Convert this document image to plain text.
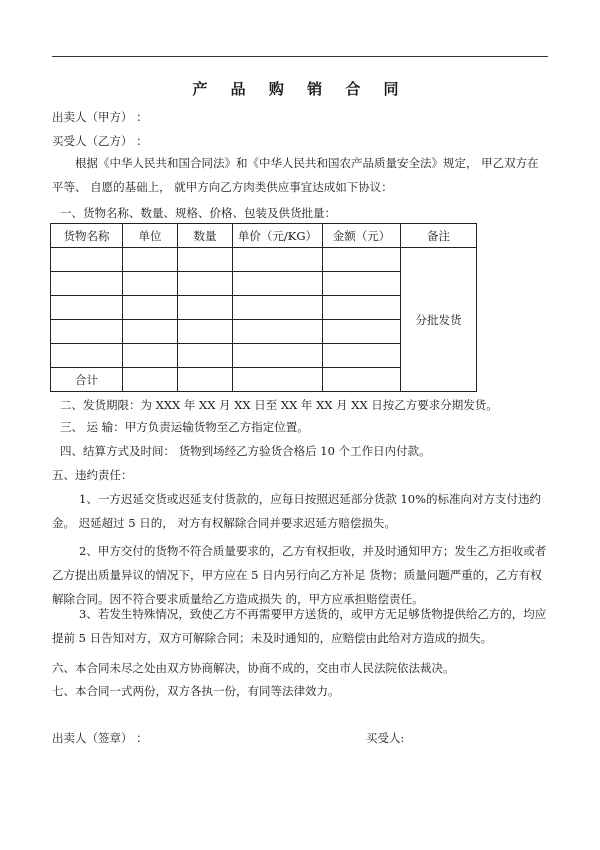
产 品 购 销 合 同
出卖人（甲方） ：
买受人（乙方） ：
根据《中华人民共和国合同法》和《中华人民共和国农产品质量安全法》规定， 甲乙双方在平等、 自愿的基础上， 就甲方向乙方肉类供应事宜达成如下协议：
一、货物名称、数量、规格、价格、包装及供货批量：
货物名称	单位	数量	单价（元/KG）	金额（元）	备注
					分批发货

合计					
二、发货期限：为 XXX 年 XX 月 XX 日至 XX 年 XX 月 XX 日按乙方要求分期发货。
三、 运 输：甲方负责运输货物至乙方指定位置。
四、结算方式及时间： 货物到场经乙方验货合格后 10 个工作日内付款。
五、违约责任：
1、一方迟延交货或迟延支付货款的，应每日按照迟延部分货款 10%的标准向对方支付违约金。 迟延超过 5 日的， 对方有权解除合同并要求迟延方赔偿损失。
2、甲方交付的货物不符合质量要求的，乙方有权拒收，并及时通知甲方；发生乙方拒收或者乙方提出质量异议的情况下，甲方应在 5 日内另行向乙方补足 货物；质量问题严重的，乙方有权解除合同。因不符合要求质量给乙方造成损失 的，甲方应承担赔偿责任。
3、若发生特殊情况，致使乙方不再需要甲方送货的，或甲方无足够货物提供给乙方的，均应提前 5 日告知对方，双方可解除合同；未及时通知的，应赔偿由此给对方造成的损失。
六、本合同未尽之处由双方协商解决，协商不成的，交由市人民法院依法裁决。
七、本合同一式两份，双方各执一份，有同等法律效力。
出卖人（签章） ：	买受人:
